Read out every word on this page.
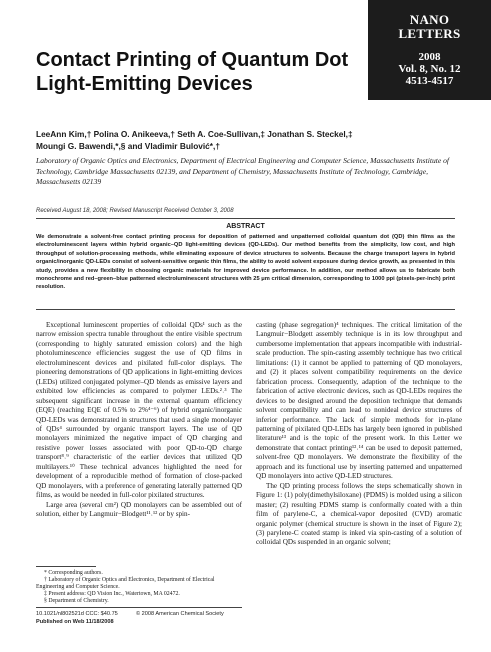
NANO
LETTERS
2008
Vol. 8, No. 12
4513-4517
Contact Printing of Quantum Dot
Light-Emitting Devices
LeeAnn Kim,† Polina O. Anikeeva,† Seth A. Coe-Sullivan,‡ Jonathan S. Steckel,‡
Moungi G. Bawendi,*,§ and Vladimir Bulović*,†
Laboratory of Organic Optics and Electronics, Department of Electrical Engineering and Computer Science, Massachusetts Institute of Technology, Cambridge Massachusetts 02139, and Department of Chemistry, Massachusetts Institute of Technology, Cambridge, Massachusetts 02139
Received August 18, 2008; Revised Manuscript Received October 3, 2008
ABSTRACT
We demonstrate a solvent-free contact printing process for deposition of patterned and unpatterned colloidal quantum dot (QD) thin films as the electroluminescent layers within hybrid organic–QD light-emitting devices (QD-LEDs). Our method benefits from the simplicity, low cost, and high throughput of solution-processing methods, while eliminating exposure of device structures to solvents. Because the charge transport layers in hybrid organic/inorganic QD-LEDs consist of solvent-sensitive organic thin films, the ability to avoid solvent exposure during device growth, as presented in this study, provides a new flexibility in choosing organic materials for improved device performance. In addition, our method allows us to fabricate both monochrome and red–green–blue patterned electroluminescent structures with 25 μm critical dimension, corresponding to 1000 ppi (pixels-per-inch) print resolution.

Exceptional luminescent properties of colloidal QDs¹ such as the narrow emission spectra tunable throughout the entire visible spectrum (corresponding to highly saturated emission colors) and the high photoluminescence efficiencies suggest the use of QD films in electroluminescent devices and pixilated full-color displays. The pioneering demonstrations of QD applications in light-emitting devices (LEDs) utilized conjugated polymer–QD blends as emissive layers and exhibited low efficiencies as compared to polymer LEDs.²˒³ The subsequent significant increase in the external quantum efficiency (EQE) (reaching EQE of 0.5% to 2%⁴⁻⁶) of hybrid organic/inorganic QD-LEDs was demonstrated in structures that used a single monolayer of QDs⁴ surrounded by organic transport layers. The use of QD monolayers minimized the negative impact of QD charging and resistive power losses associated with poor QD-to-QD charge transport⁸˒⁹ characteristic of the earlier devices that utilized QD multilayers.¹⁰ These technical advances highlighted the need for development of a reproducible method of formation of close-packed QD monolayers, with a preference of generating laterally patterned QD films, as would be needed in full-color pixilated structures.

Large area (several cm²) QD monolayers can be assembled out of solution, either by Langmuir−Blodgett¹¹˒¹² or by spin-

casting (phase segregation)⁴ techniques. The critical limitation of the Langmuir−Blodgett assembly technique is in its low throughput and cumbersome implementation that appears incompatible with industrial-scale production. The spin-casting assembly technique has two critical limitations: (1) it cannot be applied to patterning of QD monolayers, and (2) it places solvent compatibility requirements on the device fabrication process. Consequently, adaption of the technique to the fabrication of active electronic devices, such as QD-LEDs requires the devices to be designed around the deposition technique that demands solvent compatibility and can lead to nonideal device structures of inferior performance. The lack of simple methods for in-plane patterning of pixilated QD-LEDs has largely been ignored in published literature¹³ and is the topic of the present work. In this Letter we demonstrate that contact printing¹²˒¹⁴ can be used to deposit patterned, solvent-free QD monolayers. We demonstrate the flexibility of the approach and its functional use by inserting patterned and unpatterned QD monolayers into active QD-LED structures.

The QD printing process follows the steps schematically shown in Figure 1: (1) poly(dimethylsiloxane) (PDMS) is molded using a silicon master; (2) resulting PDMS stamp is conformally coated with a thin film of parylene-C, a chemical-vapor deposited (CVD) aromatic organic polymer (chemical structure is shown in the inset of Figure 2); (3) parylene-C coated stamp is inked via spin-casting of a solution of colloidal QDs suspended in an organic solvent;

* Corresponding authors.
† Laboratory of Organic Optics and Electronics, Department of Electrical Engineering and Computer Science.
‡ Present address: QD Vision Inc., Watertown, MA 02472.
§ Department of Chemistry.
10.1021/nl802521d CCC: $40.75	© 2008 American Chemical Society
Published on Web 11/18/2008
